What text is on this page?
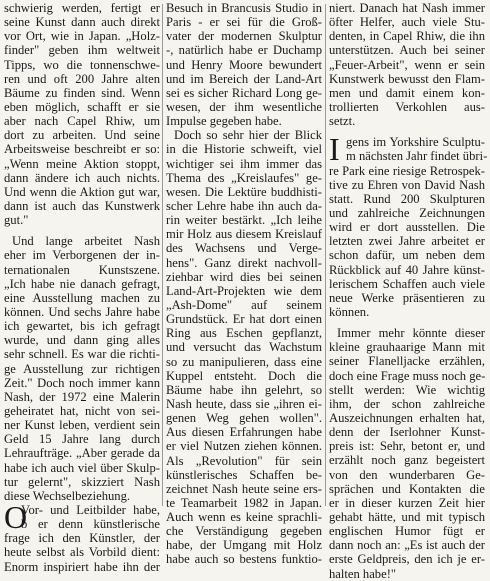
schwierig werden, fertigt er
seine Kunst dann auch direkt
vor Ort, wie in Japan. „Holz-
finder" geben ihm weltweit
Tipps, wo die tonnenschwe-
ren und oft 200 Jahre alten
Bäume zu finden sind. Wenn
eben möglich, schafft er sie
aber nach Capel Rhiw, um
dort zu arbeiten. Und seine
Arbeitsweise beschreibt er so:
„Wenn meine Aktion stoppt,
dann ändere ich auch nichts.
Und wenn die Aktion gut war,
dann ist auch das Kunstwerk
gut."
Und lange arbeitet Nash
eher im Verborgenen der in-
ternationalen Kunstszene.
„Ich habe nie danach gefragt,
eine Ausstellung machen zu
können. Und sechs Jahre habe
ich gewartet, bis ich gefragt
wurde, und dann ging alles
sehr schnell. Es war die richti-
ge Ausstellung zur richtigen
Zeit." Doch noch immer kann
Nash, der 1972 eine Malerin
geheiratet hat, nicht von sei-
ner Kunst leben, verdient sein
Geld 15 Jahre lang durch
Lehraufträge. „Aber gerade da
habe ich auch viel über Skulp-
tur gelernt", skizziert Nash
diese Wechselbeziehung.
O
b er denn künstlerische
Vor- und Leitbilder habe,
frage ich den Künstler, der
heute selbst als Vorbild dient:
Enorm inspiriert habe ihn der
Besuch in Brancusis Studio in
Paris - er sei für die Groß-
vater der modernen Skulptur
-, natürlich habe er Duchamp
und Henry Moore bewundert
und im Bereich der Land-Art
sei es sicher Richard Long ge-
wesen, der ihm wesentliche
Impulse gegeben habe.
Doch so sehr hier der Blick
in die Historie schweift, viel
wichtiger sei ihm immer das
Thema des „Kreislaufes" ge-
wesen. Die Lektüre buddhisti-
scher Lehre habe ihn auch da-
rin weiter bestärkt. „Ich leihe
mir Holz aus diesem Kreislauf
des Wachsens und Verge-
hens". Ganz direkt nachvoll-
ziehbar wird dies bei seinen
Land-Art-Projekten wie dem
„Ash-Dome" auf seinem
Grundstück. Er hat dort einen
Ring aus Eschen gepflanzt,
und versucht das Wachstum
so zu manipulieren, dass eine
Kuppel entsteht. Doch die
Bäume habe ihn gelehrt, so
Nash heute, dass sie „ihren ei-
genen Weg gehen wollen".
Aus diesen Erfahrungen habe
er viel Nutzen ziehen können.
Als „Revolution" für sein
künstlerisches Schaffen be-
zeichnet Nash heute seine ers-
te Teamarbeit 1982 in Japan.
Auch wenn es keine sprachli-
che Verständigung gegeben
habe, der Umgang mit Holz
habe auch so bestens funktio-
niert. Danach hat Nash immer
öfter Helfer, auch viele Stu-
denten, in Capel Rhiw, die ihn
unterstützen. Auch bei seiner
„Feuer-Arbeit", wenn er sein
Kunstwerk bewusst den Flam-
men und damit einem kon-
trollierten Verkohlen aus-
setzt.
I m nächsten Jahr findet übri-
gens im Yorkshire Sculptu-
re Park eine riesige Retrospek-
tive zu Ehren von David Nash
statt. Rund 200 Skulpturen
und zahlreiche Zeichnungen
wird er dort ausstellen. Die
letzten zwei Jahre arbeitet er
schon dafür, um neben dem
Rückblick auf 40 Jahre künst-
lerischem Schaffen auch viele
neue Werke präsentieren zu
können.
Immer mehr könnte dieser
kleine grauhaarige Mann mit
seiner Flanelljacke erzählen,
doch eine Frage muss noch ge-
stellt werden: Wie wichtig
ihm, der schon zahlreiche
Auszeichnungen erhalten hat,
denn der Iserlohner Kunst-
preis ist: Sehr, betont er, und
erzählt noch ganz begeistert
von den wunderbaren Ge-
sprächen und Kontakten die
er in dieser kurzen Zeit hier
gehabt hätte, und mit typisch
englischen Humor fügt er
dann noch an: „Es ist auch der
erste Geldpreis, den ich je er-
halten habe!"
